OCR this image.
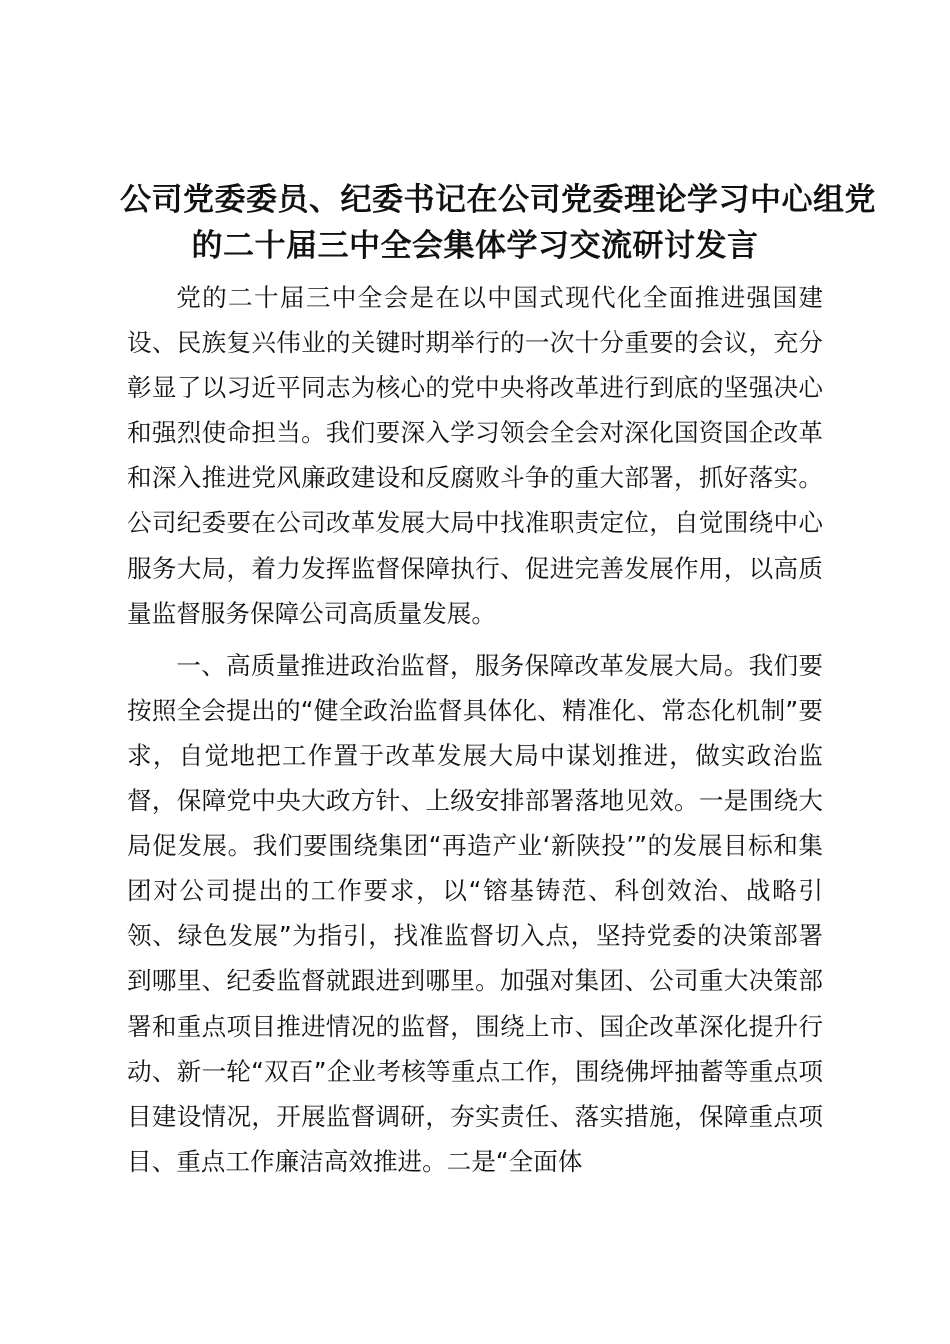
公司党委委员、纪委书记在公司党委理论学习中心组党
的二十届三中全会集体学习交流研讨发言

党的二十届三中全会是在以中国式现代化全面推进强国建设、民族复兴伟业的关键时期举行的一次十分重要的会议，充分彰显了以习近平同志为核心的党中央将改革进行到底的坚强决心和强烈使命担当。我们要深入学习领会全会对深化国资国企改革和深入推进党风廉政建设和反腐败斗争的重大部署，抓好落实。公司纪委要在公司改革发展大局中找准职责定位，自觉围绕中心服务大局，着力发挥监督保障执行、促进完善发展作用，以高质量监督服务保障公司高质量发展。

一、高质量推进政治监督，服务保障改革发展大局。我们要按照全会提出的“健全政治监督具体化、精准化、常态化机制”要求，自觉地把工作置于改革发展大局中谋划推进，做实政治监督，保障党中央大政方针、上级安排部署落地见效。一是围绕大局促发展。我们要围绕集团“再造产业‘新陕投’”的发展目标和集团对公司提出的工作要求，以“镕基铸范、科创效治、战略引领、绿色发展”为指引，找准监督切入点，坚持党委的决策部署到哪里、纪委监督就跟进到哪里。加强对集团、公司重大决策部署和重点项目推进情况的监督，围绕上市、国企改革深化提升行动、新一轮“双百”企业考核等重点工作，围绕佛坪抽蓄等重点项目建设情况，开展监督调研，夯实责任、落实措施，保障重点项目、重点工作廉洁高效推进。二是“全面体
